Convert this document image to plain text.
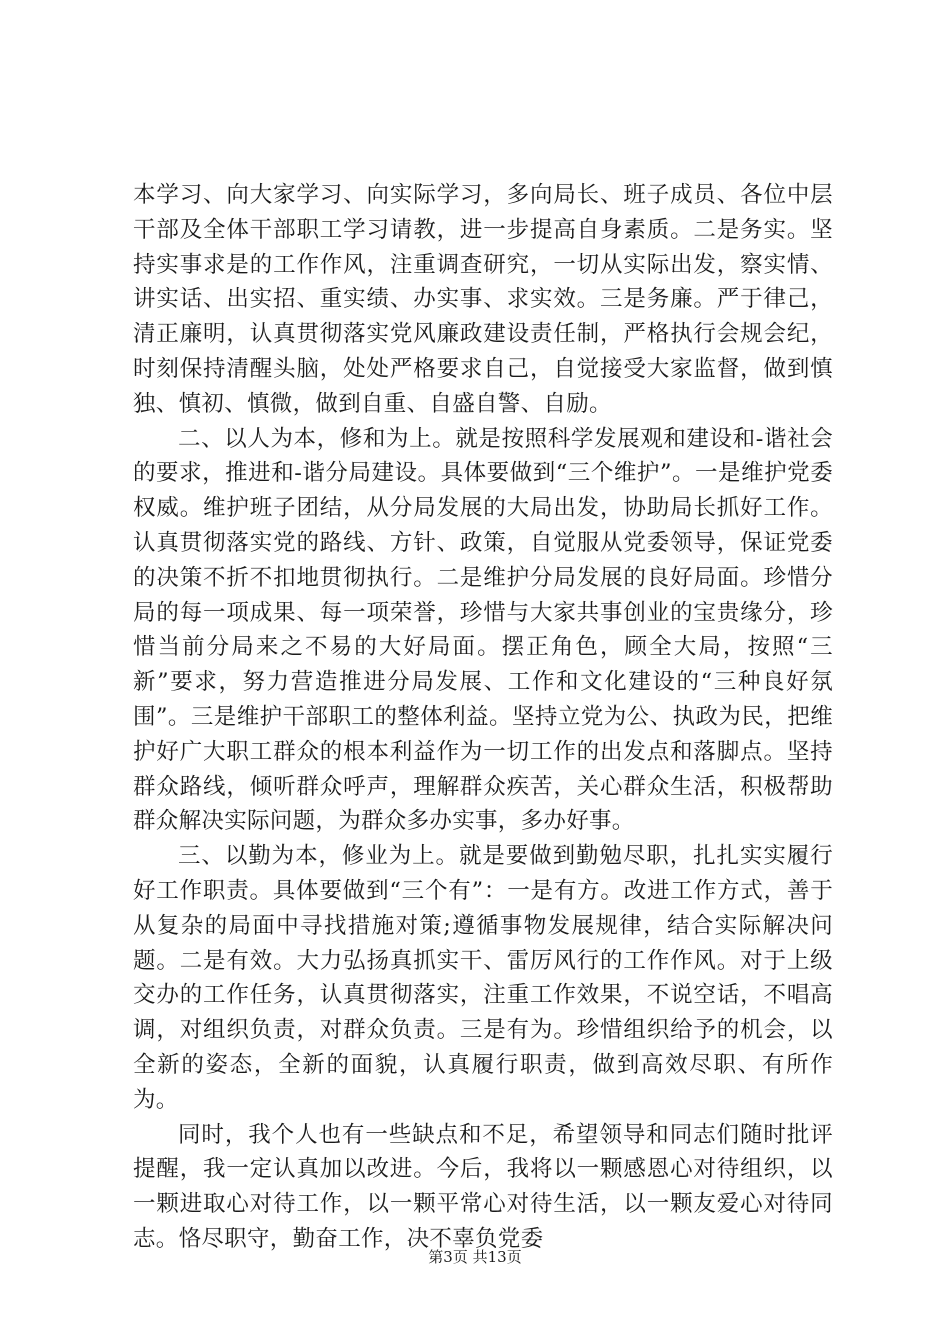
本学习、向大家学习、向实际学习，多向局长、班子成员、各位中层干部及全体干部职工学习请教，进一步提高自身素质。二是务实。坚持实事求是的工作作风，注重调查研究，一切从实际出发，察实情、讲实话、出实招、重实绩、办实事、求实效。三是务廉。严于律己，清正廉明，认真贯彻落实党风廉政建设责任制，严格执行会规会纪，时刻保持清醒头脑，处处严格要求自己，自觉接受大家监督，做到慎独、慎初、慎微，做到自重、自盛自警、自励。

二、以人为本，修和为上。就是按照科学发展观和建设和-谐社会的要求，推进和-谐分局建设。具体要做到“三个维护”。一是维护党委权威。维护班子团结，从分局发展的大局出发，协助局长抓好工作。认真贯彻落实党的路线、方针、政策，自觉服从党委领导，保证党委的决策不折不扣地贯彻执行。二是维护分局发展的良好局面。珍惜分局的每一项成果、每一项荣誉，珍惜与大家共事创业的宝贵缘分，珍惜当前分局来之不易的大好局面。摆正角色，顾全大局，按照“三新”要求，努力营造推进分局发展、工作和文化建设的“三种良好氛围”。三是维护干部职工的整体利益。坚持立党为公、执政为民，把维护好广大职工群众的根本利益作为一切工作的出发点和落脚点。坚持群众路线，倾听群众呼声，理解群众疾苦，关心群众生活，积极帮助群众解决实际问题，为群众多办实事，多办好事。

三、以勤为本，修业为上。就是要做到勤勉尽职，扎扎实实履行好工作职责。具体要做到“三个有”：一是有方。改进工作方式，善于从复杂的局面中寻找措施对策;遵循事物发展规律，结合实际解决问题。二是有效。大力弘扬真抓实干、雷厉风行的工作作风。对于上级交办的工作任务，认真贯彻落实，注重工作效果，不说空话，不唱高调，对组织负责，对群众负责。三是有为。珍惜组织给予的机会，以全新的姿态，全新的面貌，认真履行职责，做到高效尽职、有所作为。

同时，我个人也有一些缺点和不足，希望领导和同志们随时批评提醒，我一定认真加以改进。今后，我将以一颗感恩心对待组织，以一颗进取心对待工作，以一颗平常心对待生活，以一颗友爱心对待同志。恪尽职守，勤奋工作，决不辜负党委

第3页 共13页
